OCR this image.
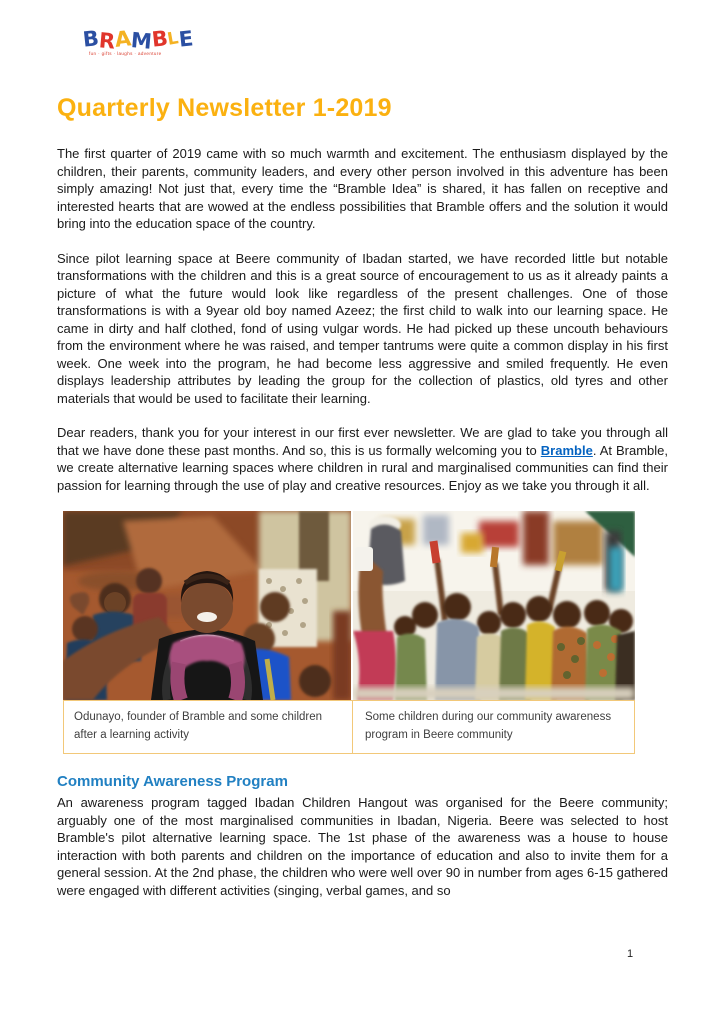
BRAMBLE
fun · gifts · laughs · adventure
Quarterly Newsletter 1-2019

The first quarter of 2019 came with so much warmth and excitement. The enthusiasm displayed by the children, their parents, community leaders, and every other person involved in this adventure has been simply amazing! Not just that, every time the “Bramble Idea” is shared, it has fallen on receptive and interested hearts that are wowed at the endless possibilities that Bramble offers and the solution it would bring into the education space of the country.

Since pilot learning space at Beere community of Ibadan started, we have recorded little but notable transformations with the children and this is a great source of encouragement to us as it already paints a picture of what the future would look like regardless of the present challenges. One of those transformations is with a 9year old boy named Azeez; the first child to walk into our learning space. He came in dirty and half clothed, fond of using vulgar words. He had picked up these uncouth behaviours from the environment where he was raised, and temper tantrums were quite a common display in his first week. One week into the program, he had become less aggressive and smiled frequently. He even displays leadership attributes by leading the group for the collection of plastics, old tyres and other materials that would be used to facilitate their learning.

Dear readers, thank you for your interest in our first ever newsletter. We are glad to take you through all that we have done these past months. And so, this is us formally welcoming you to Bramble. At Bramble, we create alternative learning spaces where children in rural and marginalised communities can find their passion for learning through the use of play and creative resources. Enjoy as we take you through it all.

Odunayo, founder of Bramble and some children after a learning activity
Some children during our community awareness program in Beere community
Community Awareness Program

An awareness program tagged Ibadan Children Hangout was organised for the Beere community; arguably one of the most marginalised communities in Ibadan, Nigeria. Beere was selected to host Bramble's pilot alternative learning space. The 1st phase of the awareness was a house to house interaction with both parents and children on the importance of education and also to invite them for a general session. At the 2nd phase, the children who were well over 90 in number from ages 6-15 gathered were engaged with different activities (singing, verbal games, and so

1
